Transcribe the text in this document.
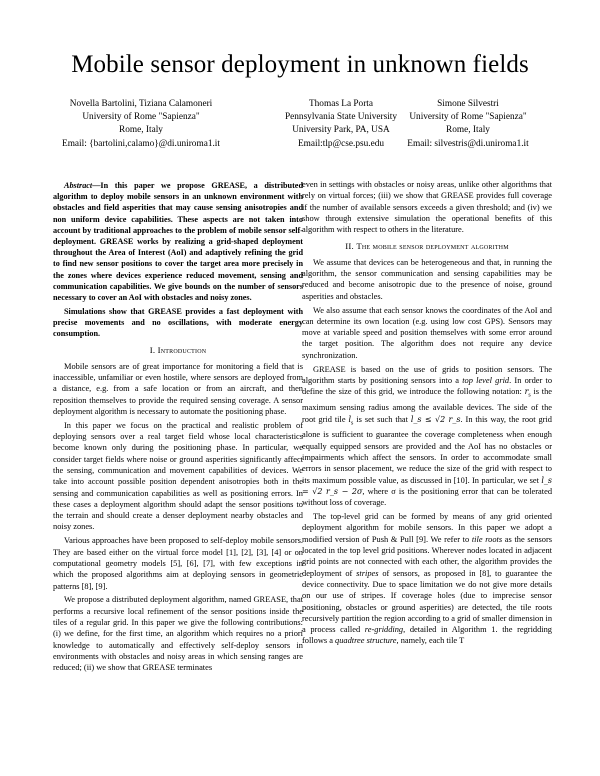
Mobile sensor deployment in unknown fields
Novella Bartolini, Tiziana Calamoneri
University of Rome "Sapienza"
Rome, Italy
Email: {bartolini,calamo}@di.uniroma1.it
Thomas La Porta
Pennsylvania State University
University Park, PA, USA
Email:tlp@cse.psu.edu
Simone Silvestri
University of Rome "Sapienza"
Rome, Italy
Email: silvestris@di.uniroma1.it

Abstract—In this paper we propose GREASE, a distributed algorithm to deploy mobile sensors in an unknown environment with obstacles and field asperities that may cause sensing anisotropies and non uniform device capabilities. These aspects are not taken into account by traditional approaches to the problem of mobile sensor self-deployment. GREASE works by realizing a grid-shaped deployment throughout the Area of Interest (AoI) and adaptively refining the grid to find new sensor positions to cover the target area more precisely in the zones where devices experience reduced movement, sensing and communication capabilities. We give bounds on the number of sensors necessary to cover an AoI with obstacles and noisy zones.

Simulations show that GREASE provides a fast deployment with precise movements and no oscillations, with moderate energy consumption.

I. Introduction

Mobile sensors are of great importance for monitoring a field that is inaccessible, unfamiliar or even hostile, where sensors are deployed from a distance, e.g. from a safe location or from an aircraft, and then reposition themselves to provide the required sensing coverage. A sensor deployment algorithm is necessary to automate the positioning phase.

In this paper we focus on the practical and realistic problem of deploying sensors over a real target field whose local characteristics become known only during the positioning phase. In particular, we consider target fields where noise or ground asperities significantly affect the sensing, communication and movement capabilities of devices. We take into account possible position dependent anisotropies both in the sensing and communication capabilities as well as positioning errors. In these cases a deployment algorithm should adapt the sensor positions to the terrain and should create a denser deployment nearby obstacles and noisy zones.

Various approaches have been proposed to self-deploy mobile sensors. They are based either on the virtual force model [1], [2], [3], [4] or on computational geometry models [5], [6], [7], with few exceptions in which the proposed algorithms aim at deploying sensors in geometric patterns [8], [9].

We propose a distributed deployment algorithm, named GREASE, that performs a recursive local refinement of the sensor positions inside the tiles of a regular grid. In this paper we give the following contributions: (i) we define, for the first time, an algorithm which requires no a priori knowledge to automatically and effectively self-deploy sensors in environments with obstacles and noisy areas in which sensing ranges are reduced; (ii) we show that GREASE terminates

even in settings with obstacles or noisy areas, unlike other algorithms that rely on virtual forces; (iii) we show that GREASE provides full coverage if the number of available sensors exceeds a given threshold; and (iv) we show through extensive simulation the operational benefits of this algorithm with respect to others in the literature.

II. The mobile sensor deployment algorithm

We assume that devices can be heterogeneous and that, in running the algorithm, the sensor communication and sensing capabilities may be reduced and become anisotropic due to the presence of noise, ground asperities and obstacles.

We also assume that each sensor knows the coordinates of the AoI and can determine its own location (e.g. using low cost GPS). Sensors may move at variable speed and position themselves with some error around the target position. The algorithm does not require any device synchronization.

GREASE is based on the use of grids to position sensors. The algorithm starts by positioning sensors into a top level grid. In order to define the size of this grid, we introduce the following notation: $r_s$ is the maximum sensing radius among the available devices. The side of the root grid tile $l_s$ is set such that l_s ≤ √2 r_s. In this way, the root grid alone is sufficient to guarantee the coverage completeness when enough equally equipped sensors are provided and the AoI has no obstacles or impairments which affect the sensors. In order to accommodate small errors in sensor placement, we reduce the size of the grid with respect to its maximum possible value, as discussed in [10]. In particular, we set l_s = √2 r_s − 2σ, where σ is the positioning error that can be tolerated without loss of coverage.

The top-level grid can be formed by means of any grid oriented deployment algorithm for mobile sensors. In this paper we adopt a modified version of Push & Pull [9]. We refer to tile roots as the sensors located in the top level grid positions. Wherever nodes located in adjacent grid points are not connected with each other, the algorithm provides the deployment of stripes of sensors, as proposed in [8], to guarantee the device connectivity. Due to space limitation we do not give more details on our use of stripes. If coverage holes (due to imprecise sensor positioning, obstacles or ground asperities) are detected, the tile roots recursively partition the region according to a grid of smaller dimension in a process called re-gridding, detailed in Algorithm 1. the regridding follows a quadtree structure, namely, each tile T
